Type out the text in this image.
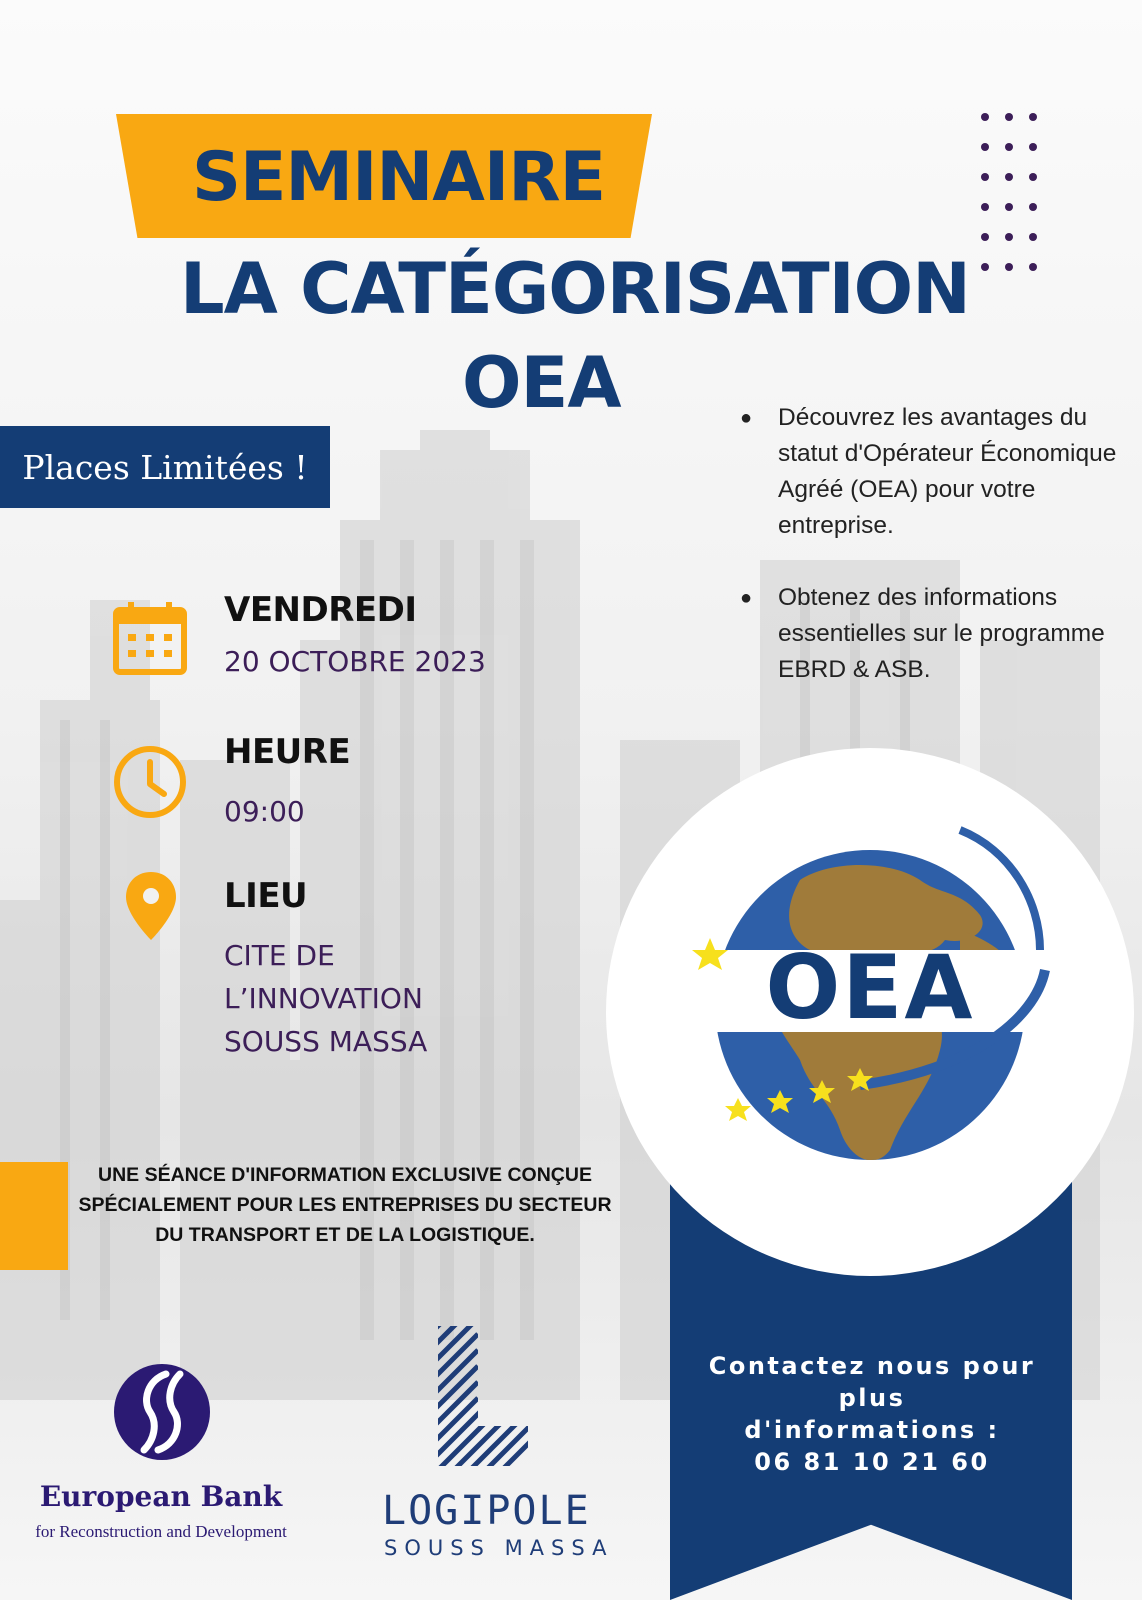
SEMINAIRE
LA CATÉGORISATION
OEA
Places Limitées !
VENDREDI
20 OCTOBRE 2023
HEURE
09:00
LIEU
CITE DE
L’INNOVATION
SOUSS MASSA
●	Découvrez les avantages du statut d'Opérateur Économique Agréé (OEA) pour votre entreprise.
●	Obtenez des informations essentielles sur le programme EBRD & ASB.
OEA
Contactez nous pour plus
d'informations :
06 81 10 21 60
UNE SÉANCE D'INFORMATION EXCLUSIVE CONÇUE SPÉCIALEMENT POUR LES ENTREPRISES DU SECTEUR DU TRANSPORT ET DE LA LOGISTIQUE.
European Bank
for Reconstruction and Development	LOGIPOLE
SOUSS MASSA
